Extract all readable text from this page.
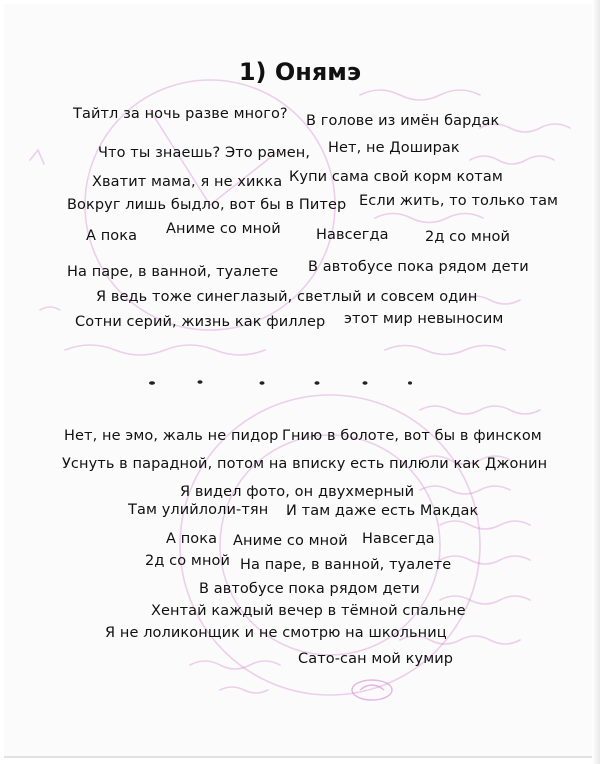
1) Онямэ
Тайтл за ночь разве много? В голове из имён бардак
Что ты знаешь? Это рамен, Нет, не Доширак
Хватит мама, я не хикка Купи сама свой корм котам
Вокруг лишь быдло, вот бы в Питер Если жить, то только там
А пока Аниме со мной Навсегда	2д со мной
На паре, в ванной, туалете В автобусе пока рядом дети
Я ведь тоже синеглазый, светлый и совсем один
Сотни серий, жизнь как филлер этот мир невыносим
Нет, не эмо, жаль не пидор Гнию в болоте, вот бы в финском
Уснуть в парадной, потом на вписку есть пилюли как Джонин
Я видел фото, он двухмерный
Там улийлоли-тян И там даже есть Макдак
А пока Аниме со мной Навсегда
2д со мной На паре, в ванной, туалете
В автобусе пока рядом дети
Хентай каждый вечер в тёмной спальне
Я не лоликонщик и не смотрю на школьниц
Сато-сан мой кумир
